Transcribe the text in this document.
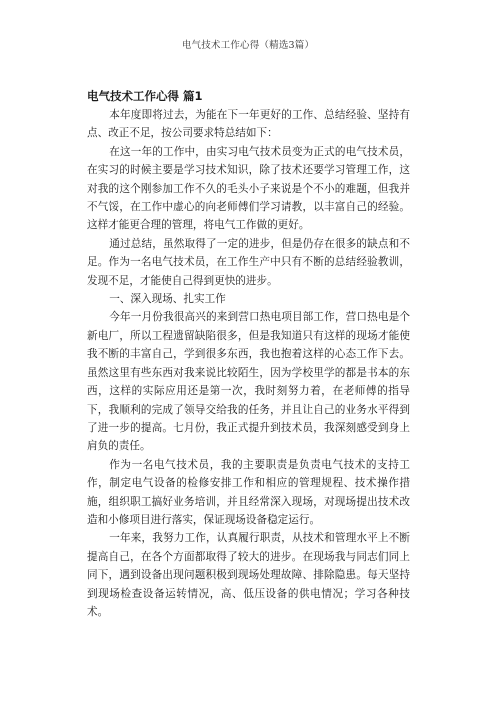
电气技术工作心得（精选3篇）
电气技术工作心得 篇1

本年度即将过去，为能在下一年更好的工作、总结经验、坚持有点、改正不足，按公司要求特总结如下：

在这一年的工作中，由实习电气技术员变为正式的电气技术员，在实习的时候主要是学习技术知识，除了技术还要学习管理工作，这对我的这个刚参加工作不久的毛头小子来说是个不小的难题，但我并不气馁，在工作中虚心的向老师傅们学习请教，以丰富自己的经验。这样才能更合理的管理，将电气工作做的更好。

通过总结，虽然取得了一定的进步，但是仍存在很多的缺点和不足。作为一名电气技术员，在工作生产中只有不断的总结经验教训，发现不足，才能使自己得到更快的进步。

一、深入现场、扎实工作

今年一月份我很高兴的来到营口热电项目部工作，营口热电是个新电厂，所以工程遗留缺陷很多，但是我知道只有这样的现场才能使我不断的丰富自己，学到很多东西，我也抱着这样的心态工作下去。虽然这里有些东西对我来说比较陌生，因为学校里学的都是书本的东西，这样的实际应用还是第一次，我时刻努力着，在老师傅的指导下，我顺利的完成了领导交给我的任务，并且让自己的业务水平得到了进一步的提高。七月份，我正式提升到技术员，我深刻感受到身上肩负的责任。

作为一名电气技术员，我的主要职责是负责电气技术的支持工作，制定电气设备的检修安排工作和相应的管理规程、技术操作措施，组织职工搞好业务培训，并且经常深入现场，对现场提出技术改造和小修项目进行落实，保证现场设备稳定运行。

一年来，我努力工作，认真履行职责，从技术和管理水平上不断提高自己，在各个方面都取得了较大的进步。在现场我与同志们同上同下，遇到设备出现问题积极到现场处理故障、排除隐患。每天坚持到现场检查设备运转情况，高、低压设备的供电情况；学习各种技术。
